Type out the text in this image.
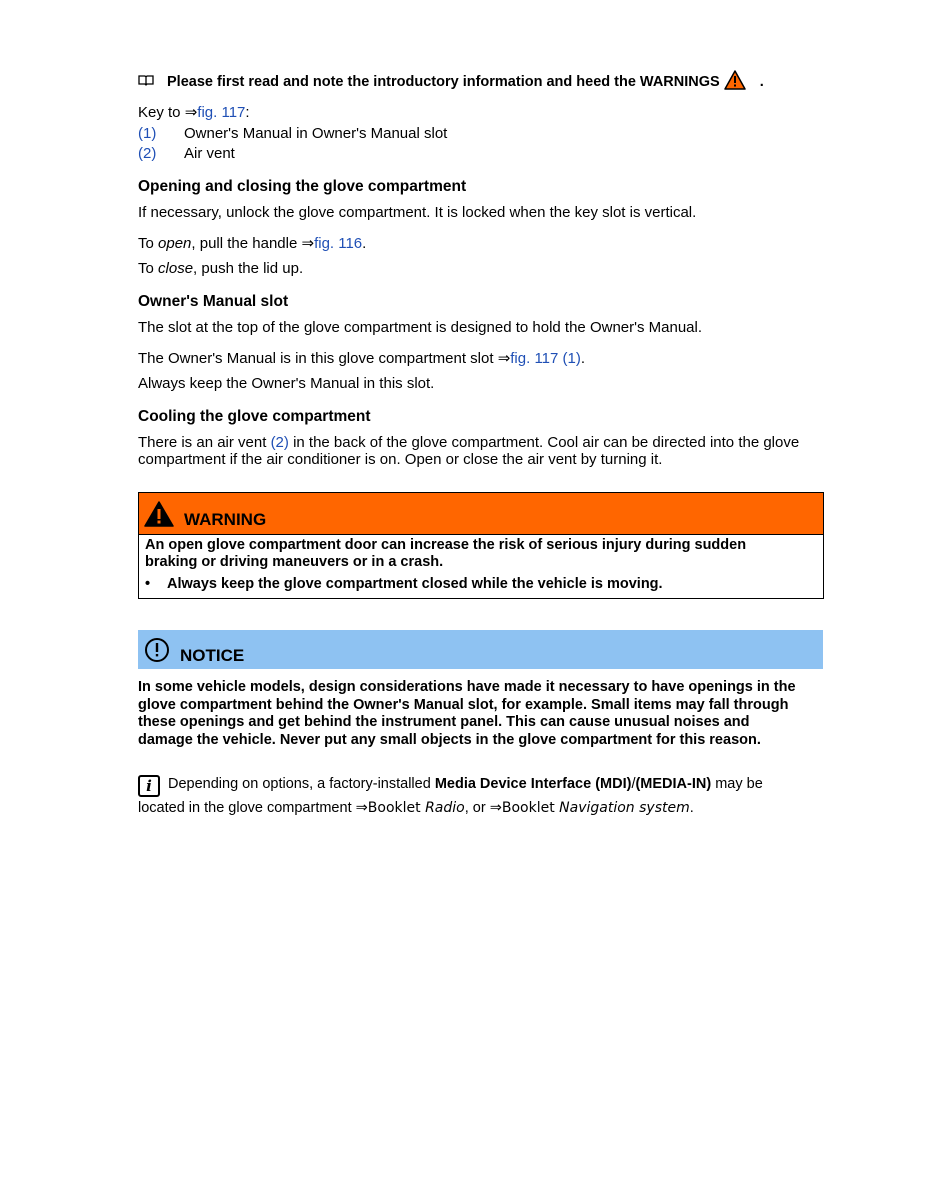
Please first read and note the introductory information and heed the WARNINGS	.

Key to ⇒fig. 117:

(1) Owner's Manual in Owner's Manual slot

(2) Air vent

Opening and closing the glove compartment

If necessary, unlock the glove compartment. It is locked when the key slot is vertical.

To open, pull the handle ⇒fig. 116.

To close, push the lid up.

Owner's Manual slot

The slot at the top of the glove compartment is designed to hold the Owner's Manual.

The Owner's Manual is in this glove compartment slot ⇒fig. 117 (1).

Always keep the Owner's Manual in this slot.

Cooling the glove compartment

There is an air vent (2) in the back of the glove compartment. Cool air can be directed into the glove

compartment if the air conditioner is on. Open or close the air vent by turning it.

WARNING
An open glove compartment door can increase the risk of serious injury during sudden
braking or driving maneuvers or in a crash.
• Always keep the glove compartment closed while the vehicle is moving.
NOTICE
In some vehicle models, design considerations have made it necessary to have openings in the
glove compartment behind the Owner's Manual slot, for example. Small items may fall through
these openings and get behind the instrument panel. This can cause unusual noises and
damage the vehicle. Never put any small objects in the glove compartment for this reason.
i Depending on options, a factory-installed Media Device Interface (MDI)/(MEDIA-IN) may be
located in the glove compartment ⇒Booklet Radio, or ⇒Booklet Navigation system.
